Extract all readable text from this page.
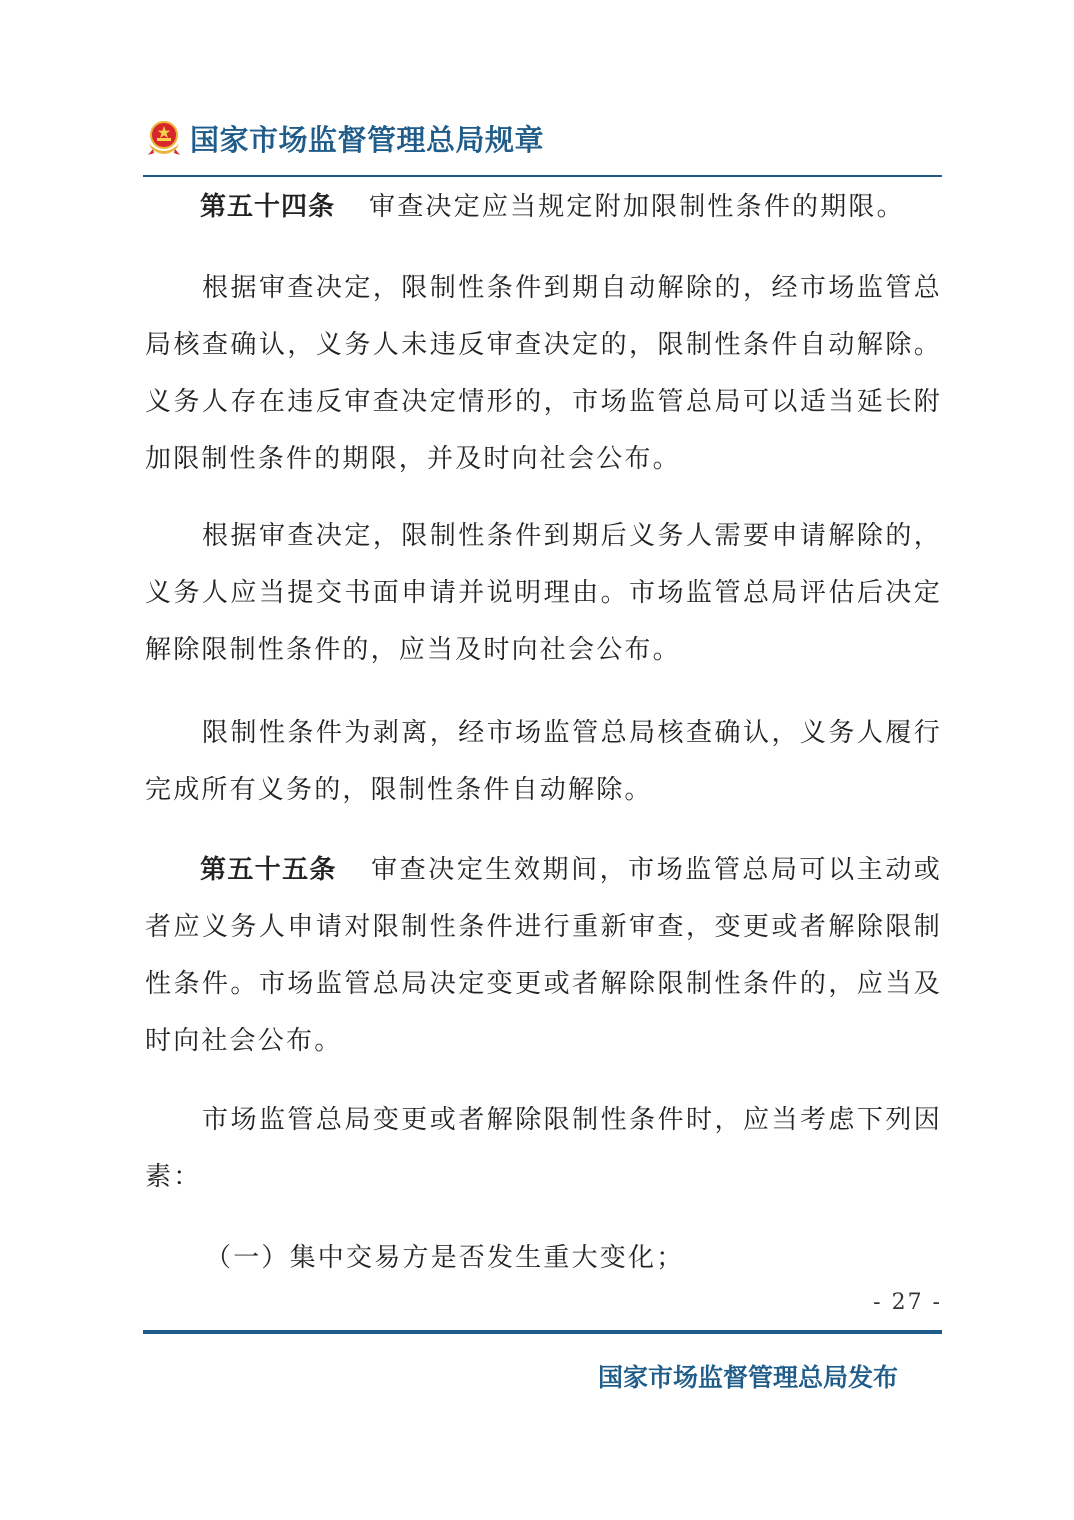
国家市场监督管理总局规章

第五十四条 审查决定应当规定附加限制性条件的期限。

根据审查决定，限制性条件到期自动解除的，经市场监管总局核查确认，义务人未违反审查决定的，限制性条件自动解除。义务人存在违反审查决定情形的，市场监管总局可以适当延长附加限制性条件的期限，并及时向社会公布。

根据审查决定，限制性条件到期后义务人需要申请解除的，义务人应当提交书面申请并说明理由。市场监管总局评估后决定解除限制性条件的，应当及时向社会公布。

限制性条件为剥离，经市场监管总局核查确认，义务人履行完成所有义务的，限制性条件自动解除。

第五十五条 审查决定生效期间，市场监管总局可以主动或者应义务人申请对限制性条件进行重新审查，变更或者解除限制性条件。市场监管总局决定变更或者解除限制性条件的，应当及时向社会公布。

市场监管总局变更或者解除限制性条件时，应当考虑下列因素：

（一）集中交易方是否发生重大变化；

- 27 -
国家市场监督管理总局发布
